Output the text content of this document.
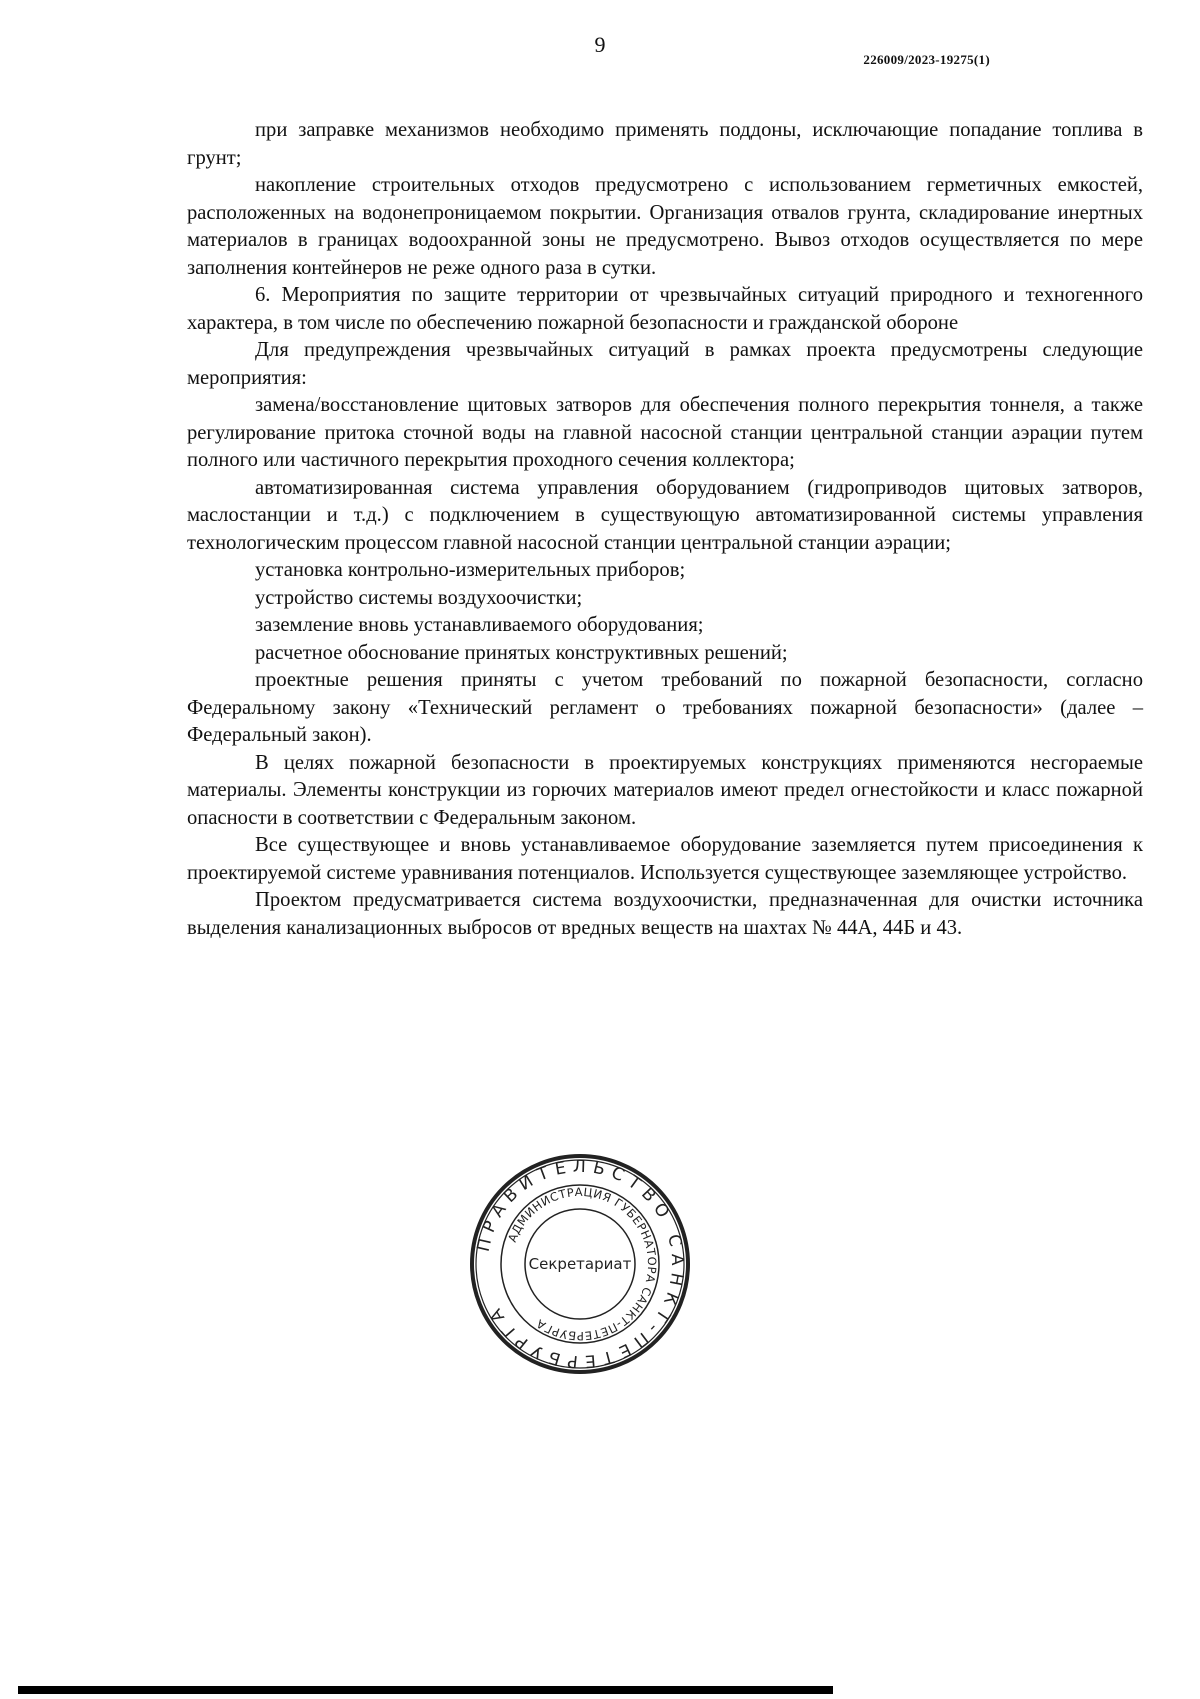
9
226009/2023-19275(1)

при заправке механизмов необходимо применять поддоны, исключающие попадание топлива в грунт;

накопление строительных отходов предусмотрено с использованием герметичных емкостей, расположенных на водонепроницаемом покрытии. Организация отвалов грунта, складирование инертных материалов в границах водоохранной зоны не предусмотрено. Вывоз отходов осуществляется по мере заполнения контейнеров не реже одного раза в сутки.

6. Мероприятия по защите территории от чрезвычайных ситуаций природного и техногенного характера, в том числе по обеспечению пожарной безопасности и гражданской обороне

Для предупреждения чрезвычайных ситуаций в рамках проекта предусмотрены следующие мероприятия:

замена/восстановление щитовых затворов для обеспечения полного перекрытия тоннеля, а также регулирование притока сточной воды на главной насосной станции центральной станции аэрации путем полного или частичного перекрытия проходного сечения коллектора;

автоматизированная система управления оборудованием (гидроприводов щитовых затворов, маслостанции и т.д.) с подключением в существующую автоматизированной системы управления технологическим процессом главной насосной станции центральной станции аэрации;

установка контрольно-измерительных приборов;

устройство системы воздухоочистки;

заземление вновь устанавливаемого оборудования;

расчетное обоснование принятых конструктивных решений;

проектные решения приняты с учетом требований по пожарной безопасности, согласно Федеральному закону «Технический регламент о требованиях пожарной безопасности» (далее – Федеральный закон).

В целях пожарной безопасности в проектируемых конструкциях применяются несгораемые материалы. Элементы конструкции из горючих материалов имеют предел огнестойкости и класс пожарной опасности в соответствии с Федеральным законом.

Все существующее и вновь устанавливаемое оборудование заземляется путем присоединения к проектируемой системе уравнивания потенциалов. Используется существующее заземляющее устройство.

Проектом предусматривается система воздухоочистки, предназначенная для очистки источника выделения канализационных выбросов от вредных веществ на шахтах № 44А, 44Б и 43.

ПРАВИТЕЛЬСТВО САНКТ-ПЕТЕРБУРГА
АДМИНИСТРАЦИЯ ГУБЕРНАТОРА САНКТ-ПЕТЕРБУРГА
Секретариат
